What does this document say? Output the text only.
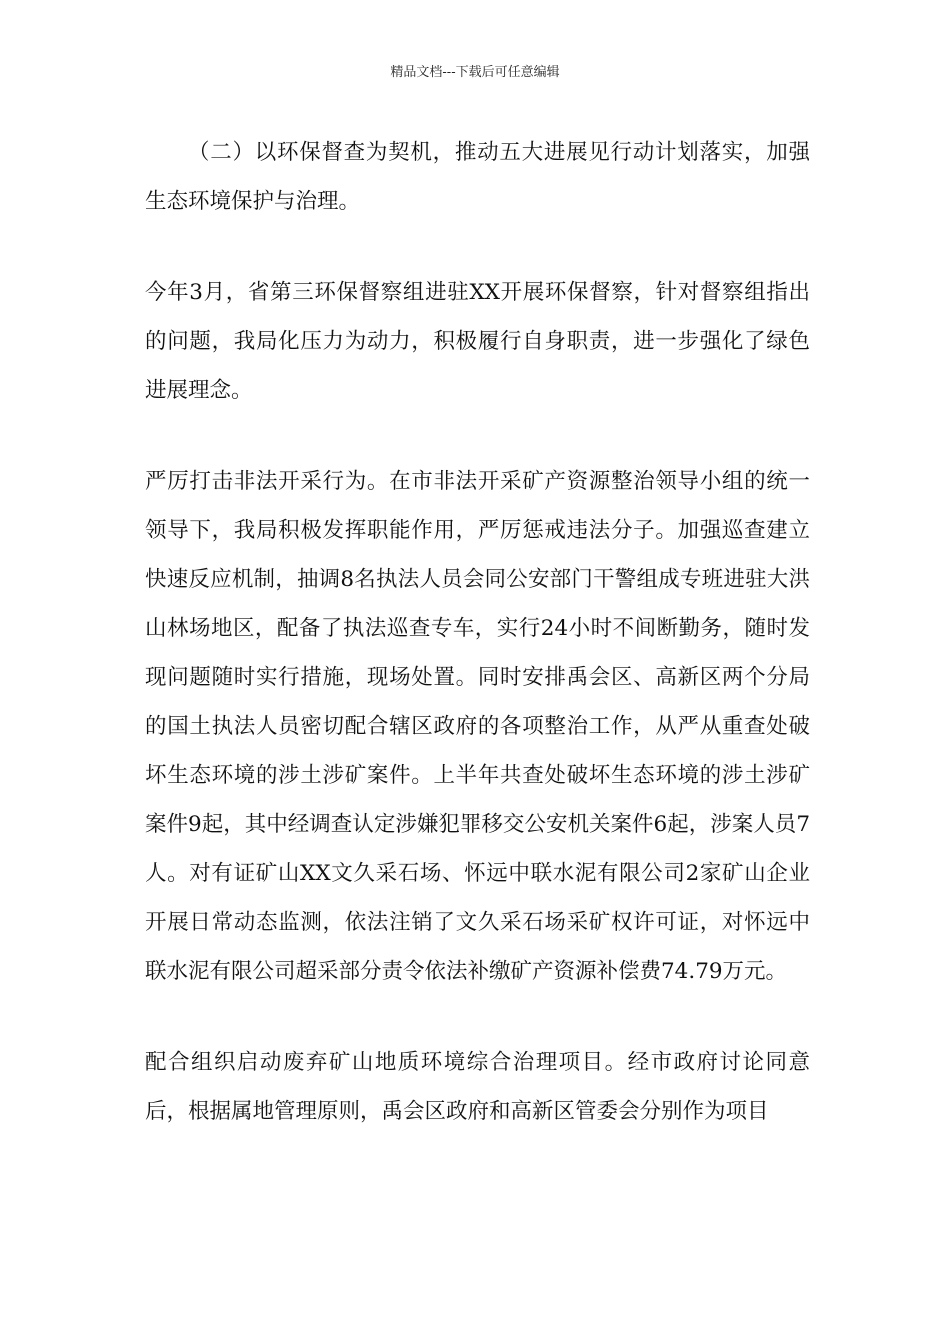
精品文档---下载后可任意编辑

（二）以环保督查为契机，推动五大进展见行动计划落实，加强生态环境保护与治理。

今年3月，省第三环保督察组进驻XX开展环保督察，针对督察组指出的问题，我局化压力为动力，积极履行自身职责，进一步强化了绿色进展理念。

严厉打击非法开采行为。在市非法开采矿产资源整治领导小组的统一领导下，我局积极发挥职能作用，严厉惩戒违法分子。加强巡查建立快速反应机制，抽调8名执法人员会同公安部门干警组成专班进驻大洪山林场地区，配备了执法巡查专车，实行24小时不间断勤务，随时发现问题随时实行措施，现场处置。同时安排禹会区、高新区两个分局的国土执法人员密切配合辖区政府的各项整治工作，从严从重查处破坏生态环境的涉土涉矿案件。上半年共查处破坏生态环境的涉土涉矿案件9起，其中经调查认定涉嫌犯罪移交公安机关案件6起，涉案人员7人。对有证矿山XX文久采石场、怀远中联水泥有限公司2家矿山企业开展日常动态监测，依法注销了文久采石场采矿权许可证，对怀远中联水泥有限公司超采部分责令依法补缴矿产资源补偿费74.79万元。

配合组织启动废弃矿山地质环境综合治理项目。经市政府讨论同意后，根据属地管理原则，禹会区政府和高新区管委会分别作为项目
